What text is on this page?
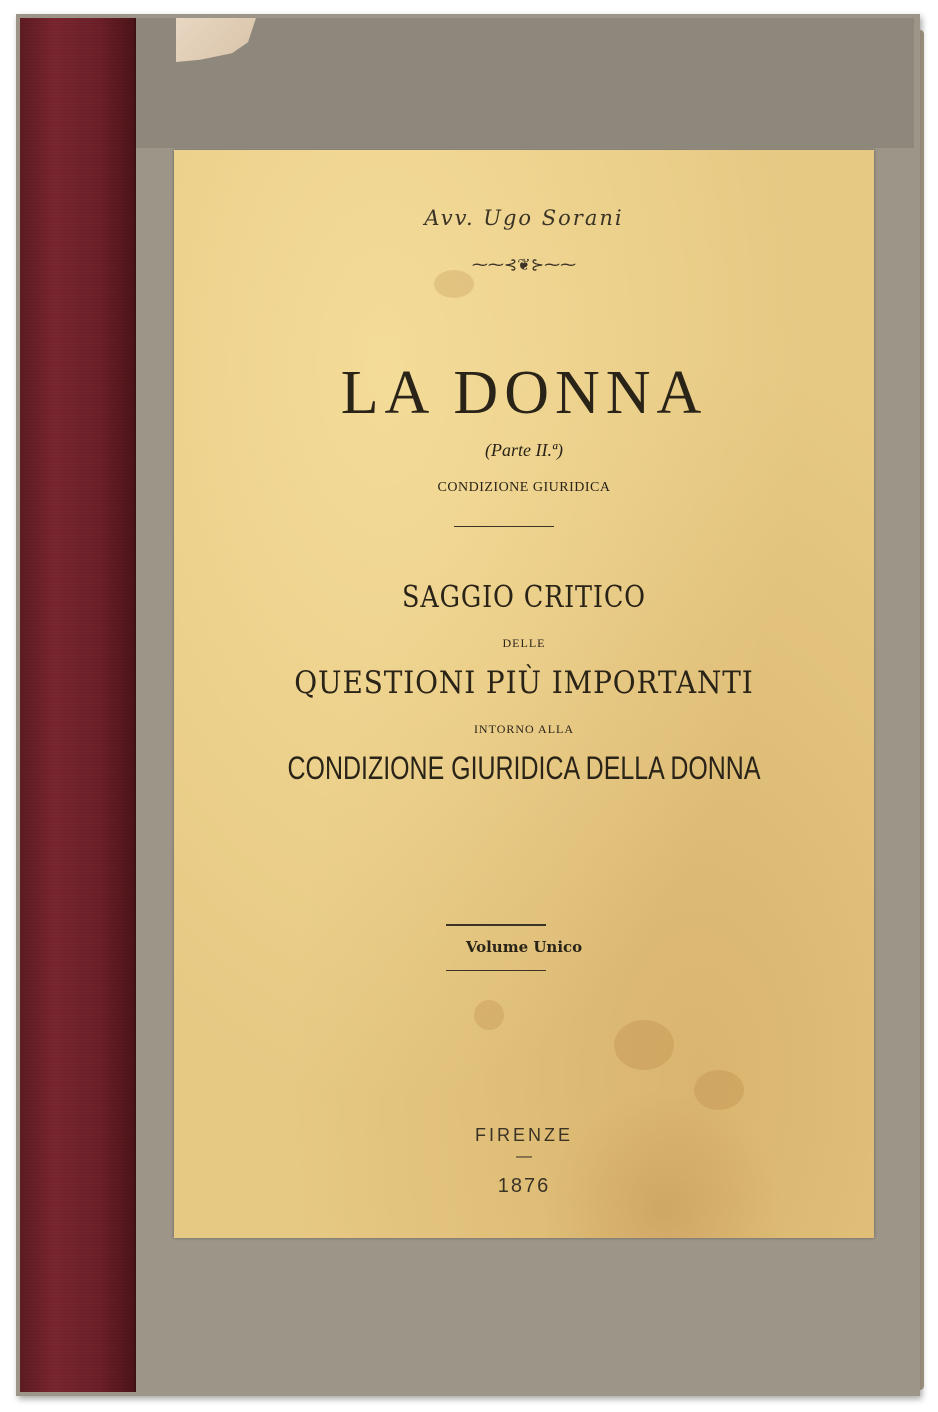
Avv. Ugo Sorani
⁓⁓⊰❦⊱⁓⁓
LA DONNA
(Parte II.ª)
CONDIZIONE GIURIDICA
SAGGIO CRITICO
DELLE
QUESTIONI PIÙ IMPORTANTI
INTORNO ALLA
CONDIZIONE GIURIDICA DELLA DONNA
Volume Unico
FIRENZE
—
1876
